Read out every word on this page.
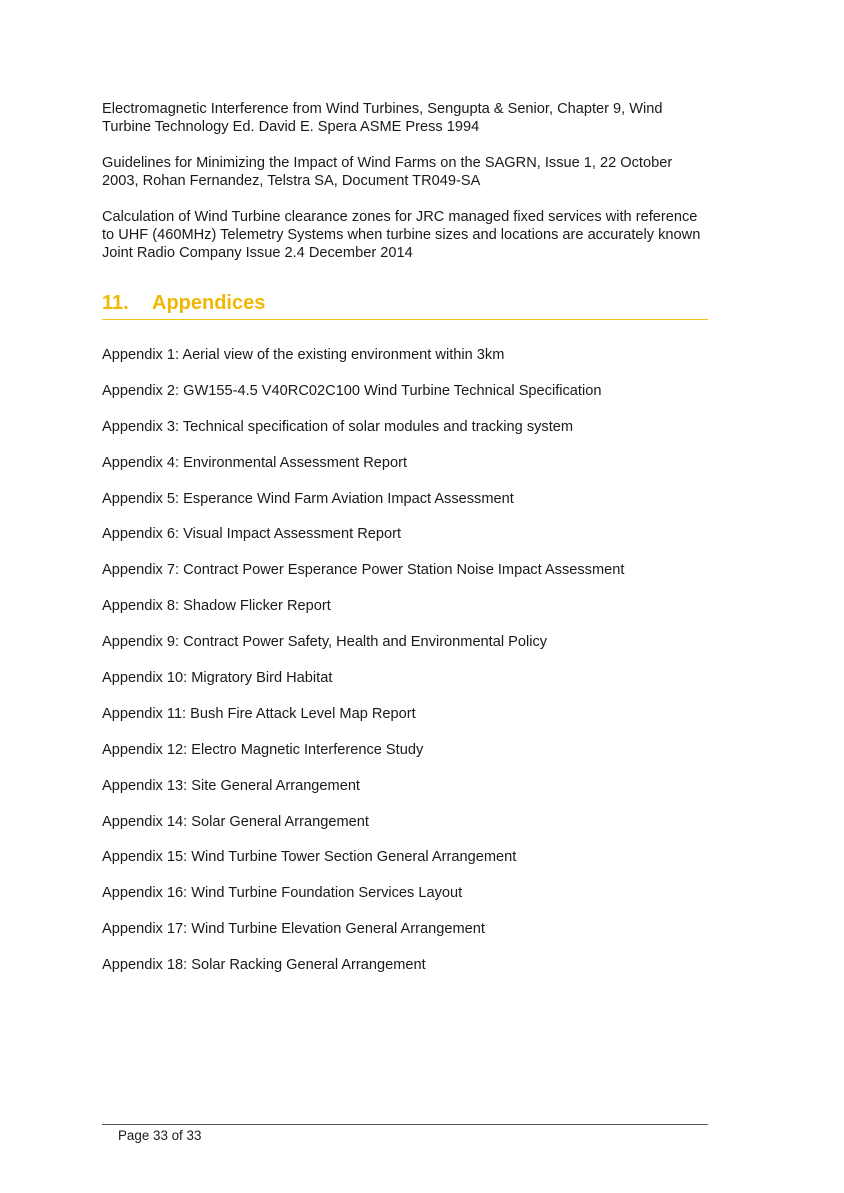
Electromagnetic Interference from Wind Turbines, Sengupta & Senior, Chapter 9, Wind Turbine Technology Ed. David E. Spera ASME Press 1994

Guidelines for Minimizing the Impact of Wind Farms on the SAGRN, Issue 1, 22 October 2003, Rohan Fernandez, Telstra SA, Document TR049-SA

Calculation of Wind Turbine clearance zones for JRC managed fixed services with reference to UHF (460MHz) Telemetry Systems when turbine sizes and locations are accurately known Joint Radio Company Issue 2.4 December 2014

11. Appendices
Appendix 1: Aerial view of the existing environment within 3km
Appendix 2: GW155-4.5 V40RC02C100 Wind Turbine Technical Specification
Appendix 3: Technical specification of solar modules and tracking system
Appendix 4: Environmental Assessment Report
Appendix 5: Esperance Wind Farm Aviation Impact Assessment
Appendix 6: Visual Impact Assessment Report
Appendix 7: Contract Power Esperance Power Station Noise Impact Assessment
Appendix 8: Shadow Flicker Report
Appendix 9: Contract Power Safety, Health and Environmental Policy
Appendix 10: Migratory Bird Habitat
Appendix 11: Bush Fire Attack Level Map Report
Appendix 12: Electro Magnetic Interference Study
Appendix 13: Site General Arrangement
Appendix 14: Solar General Arrangement
Appendix 15: Wind Turbine Tower Section General Arrangement
Appendix 16: Wind Turbine Foundation Services Layout
Appendix 17: Wind Turbine Elevation General Arrangement
Appendix 18: Solar Racking General Arrangement
Page 33 of 33
